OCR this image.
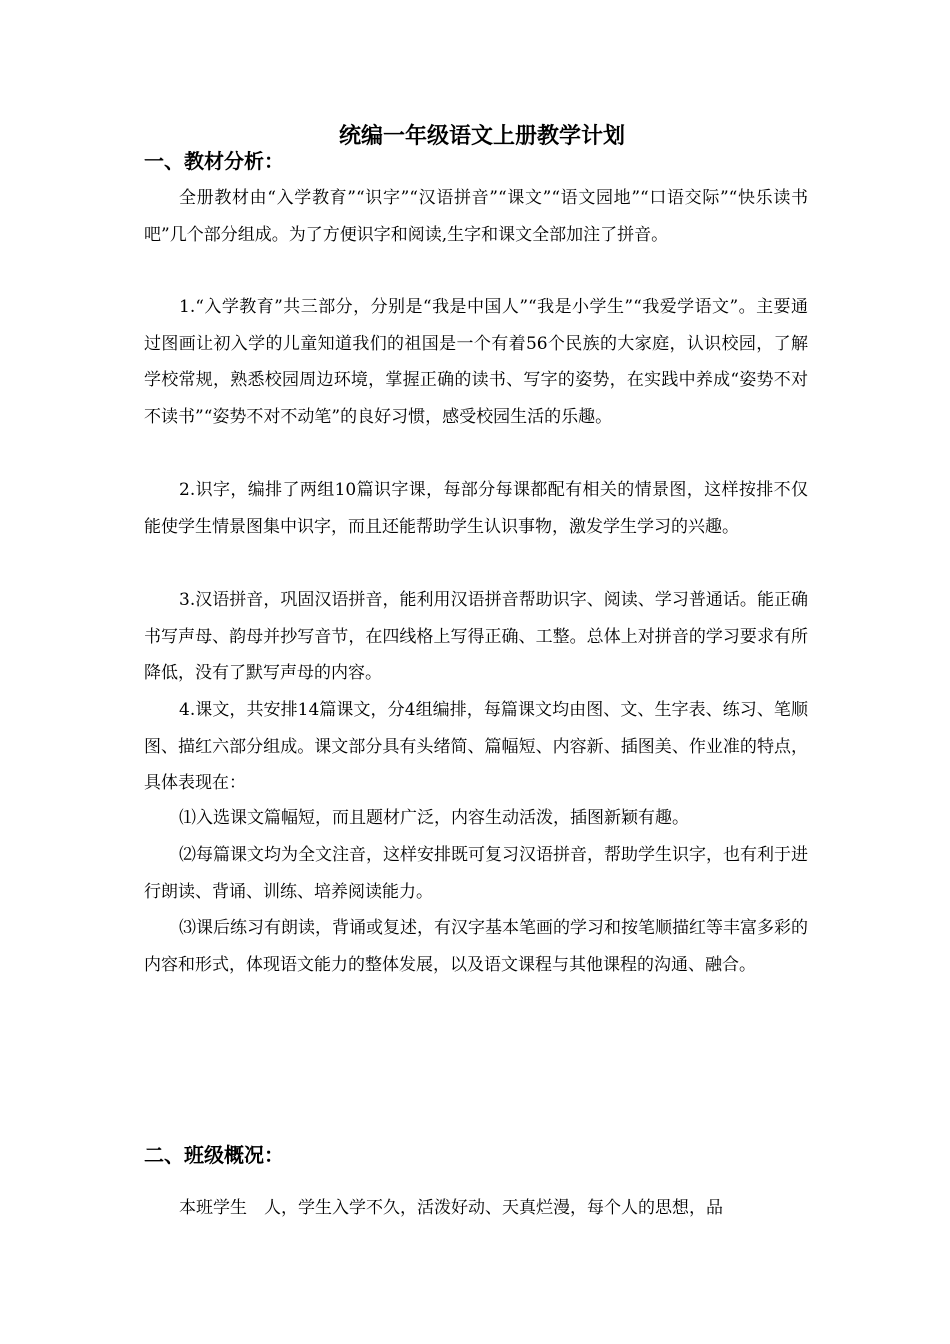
统编一年级语文上册教学计划
一、教材分析：

全册教材由“入学教育”“识字”“汉语拼音”“课文”“语文园地”“口语交际”“快乐读书吧”几个部分组成。为了方便识字和阅读,生字和课文全部加注了拼音。

1.“入学教育”共三部分，分别是“我是中国人”“我是小学生”“我爱学语文”。主要通过图画让初入学的儿童知道我们的祖国是一个有着56个民族的大家庭，认识校园，了解学校常规，熟悉校园周边环境，掌握正确的读书、写字的姿势，在实践中养成“姿势不对不读书”“姿势不对不动笔”的良好习惯，感受校园生活的乐趣。

2.识字，编排了两组10篇识字课，每部分每课都配有相关的情景图，这样按排不仅能使学生情景图集中识字，而且还能帮助学生认识事物，激发学生学习的兴趣。

3.汉语拼音，巩固汉语拼音，能利用汉语拼音帮助识字、阅读、学习普通话。能正确书写声母、韵母并抄写音节，在四线格上写得正确、工整。总体上对拼音的学习要求有所降低，没有了默写声母的内容。

4.课文，共安排14篇课文，分4组编排，每篇课文均由图、文、生字表、练习、笔顺图、描红六部分组成。课文部分具有头绪简、篇幅短、内容新、插图美、作业准的特点，具体表现在：

⑴入选课文篇幅短，而且题材广泛，内容生动活泼，插图新颖有趣。

⑵每篇课文均为全文注音，这样安排既可复习汉语拼音，帮助学生识字，也有利于进行朗读、背诵、训练、培养阅读能力。

⑶课后练习有朗读，背诵或复述，有汉字基本笔画的学习和按笔顺描红等丰富多彩的内容和形式，体现语文能力的整体发展，以及语文课程与其他课程的沟通、融合。

二、班级概况：

本班学生　人，学生入学不久，活泼好动、天真烂漫，每个人的思想，品
